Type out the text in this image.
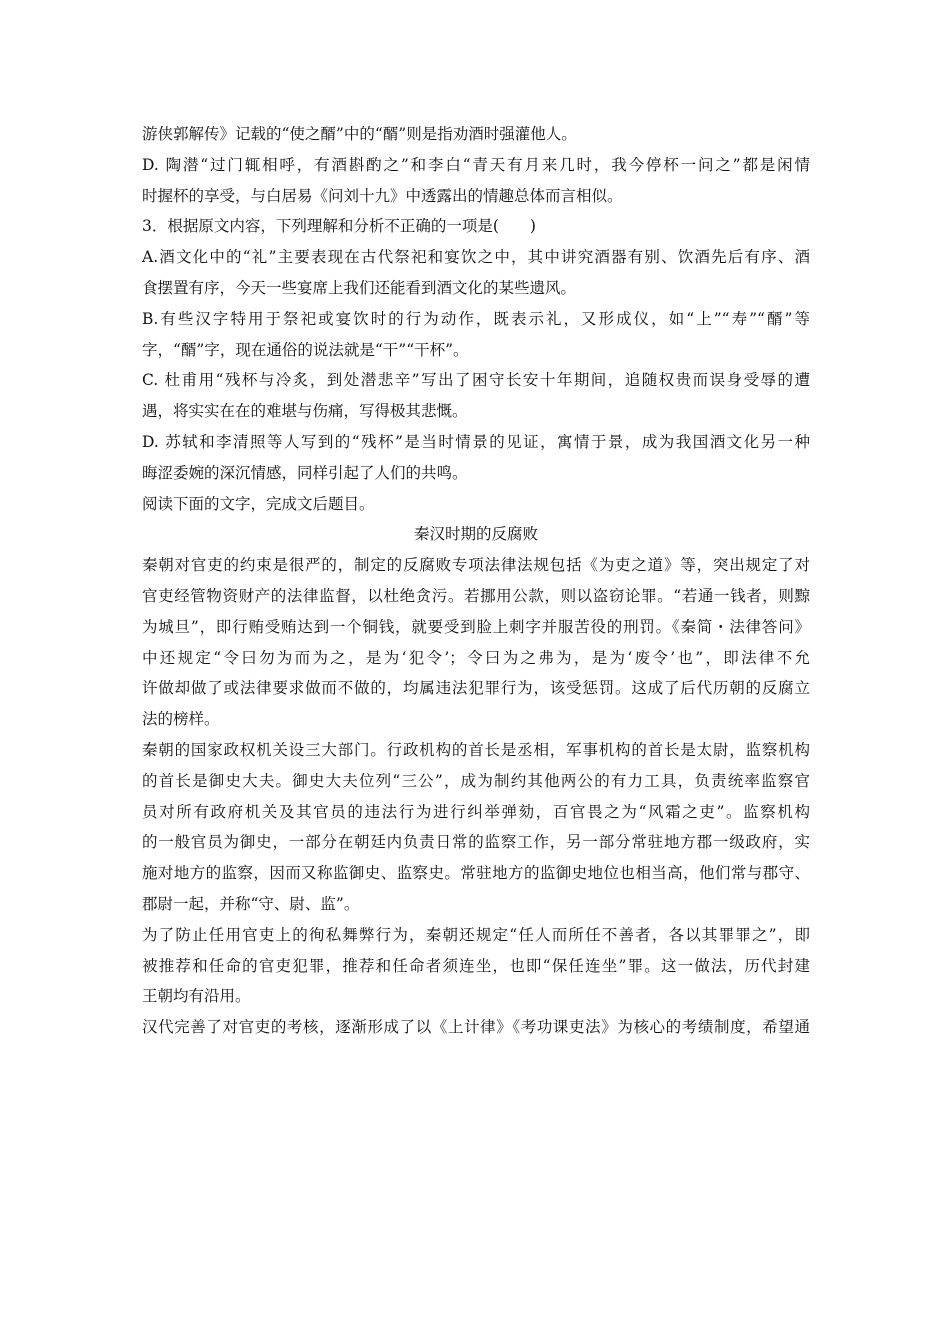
游侠郭解传》记载的“使之醑”中的“醑”则是指劝酒时强灌他人。
D. 陶潜“过门辄相呼，有酒斟酌之”和李白“青天有月来几时，我今停杯一问之”都是闲情
时握杯的享受，与白居易《问刘十九》中透露出的情趣总体而言相似。
3．根据原文内容，下列理解和分析不正确的一项是(　　)
A.酒文化中的“礼”主要表现在古代祭祀和宴饮之中，其中讲究酒器有别、饮酒先后有序、酒
食摆置有序，今天一些宴席上我们还能看到酒文化的某些遗风。
B.有些汉字特用于祭祀或宴饮时的行为动作，既表示礼，又形成仪，如“上”“寿”“醑”等
字，“醑”字，现在通俗的说法就是“干”“干杯”。
C. 杜甫用“残杯与冷炙，到处潜悲辛”写出了困守长安十年期间，追随权贵而误身受辱的遭
遇，将实实在在的难堪与伤痛，写得极其悲慨。
D. 苏轼和李清照等人写到的“残杯”是当时情景的见证，寓情于景，成为我国酒文化另一种
晦涩委婉的深沉情感，同样引起了人们的共鸣。
阅读下面的文字，完成文后题目。
秦汉时期的反腐败
秦朝对官吏的约束是很严的，制定的反腐败专项法律法规包括《为吏之道》等，突出规定了对
官吏经管物资财产的法律监督，以杜绝贪污。若挪用公款，则以盗窃论罪。“若通一钱者，则黥
为城旦”，即行贿受贿达到一个铜钱，就要受到脸上刺字并服苦役的刑罚。《秦简・法律答问》
中还规定“令曰勿为而为之，是为‘犯令’；令曰为之弗为，是为‘废令’也”，即法律不允
许做却做了或法律要求做而不做的，均属违法犯罪行为，该受惩罚。这成了后代历朝的反腐立
法的榜样。
秦朝的国家政权机关设三大部门。行政机构的首长是丞相，军事机构的首长是太尉，监察机构
的首长是御史大夫。御史大夫位列“三公”，成为制约其他两公的有力工具，负责统率监察官
员对所有政府机关及其官员的违法行为进行纠举弹劾，百官畏之为“风霜之吏”。监察机构
的一般官员为御史，一部分在朝廷内负责日常的监察工作，另一部分常驻地方郡一级政府，实
施对地方的监察，因而又称监御史、监察史。常驻地方的监御史地位也相当高，他们常与郡守、
郡尉一起，并称“守、尉、监”。
为了防止任用官吏上的徇私舞弊行为，秦朝还规定“任人而所任不善者，各以其罪罪之”，即
被推荐和任命的官吏犯罪，推荐和任命者须连坐，也即“保任连坐”罪。这一做法，历代封建
王朝均有沿用。
汉代完善了对官吏的考核，逐渐形成了以《上计律》《考功课吏法》为核心的考绩制度，希望通
